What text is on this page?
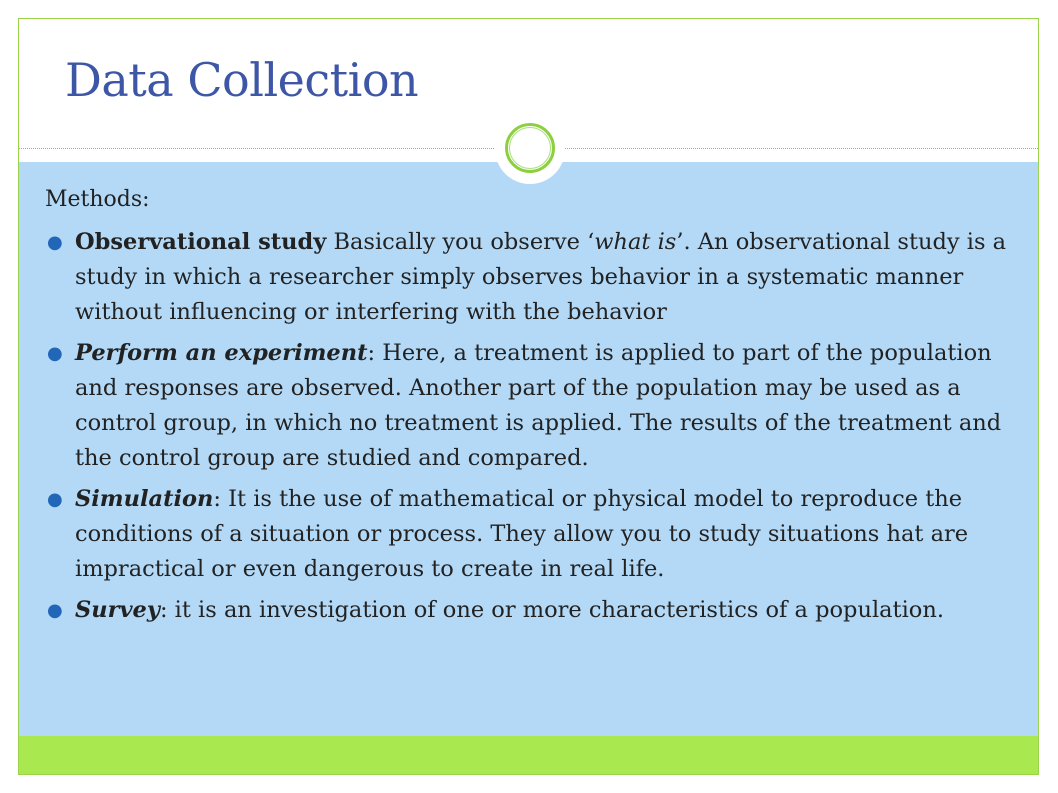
Data Collection

Methods:

● Observational study Basically you observe ‘what is’. An observational study is a study in which a researcher simply observes behavior in a systematic manner without influencing or interfering with the behavior
● Perform an experiment: Here, a treatment is applied to part of the population and responses are observed. Another part of the population may be used as a control group, in which no treatment is applied. The results of the treatment and the control group are studied and compared.
● Simulation: It is the use of mathematical or physical model to reproduce the conditions of a situation or process. They allow you to study situations hat are impractical or even dangerous to create in real life.
● Survey: it is an investigation of one or more characteristics of a population.
